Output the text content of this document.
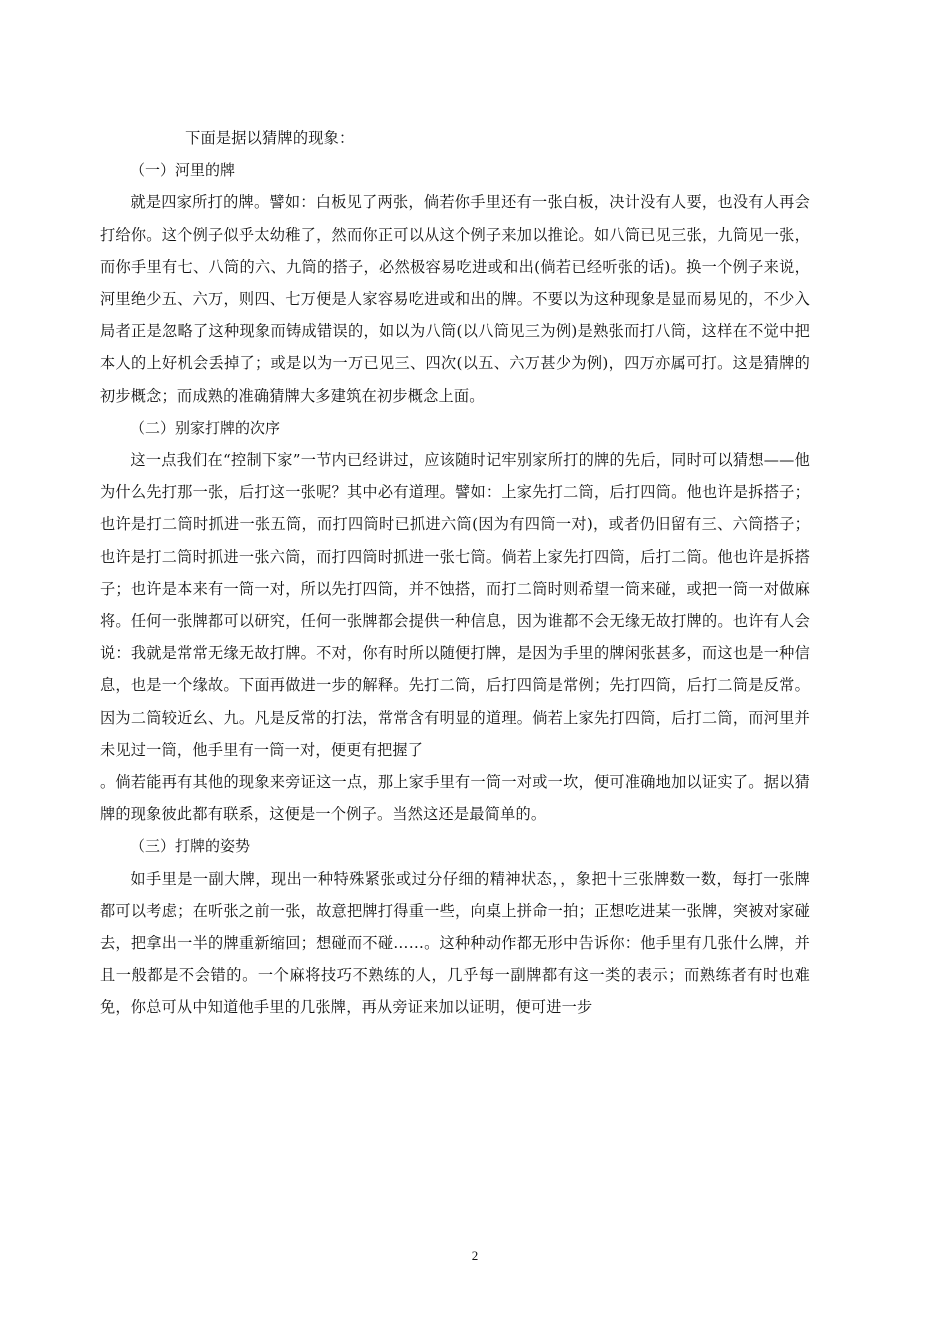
下面是据以猜牌的现象：

（一）河里的牌

就是四家所打的牌。譬如：白板见了两张，倘若你手里还有一张白板，决计没有人要，也没有人再会打给你。这个例子似乎太幼稚了，然而你正可以从这个例子来加以推论。如八筒已见三张，九筒见一张，而你手里有七、八筒的六、九筒的搭子，必然极容易吃进或和出(倘若已经听张的话)。换一个例子来说，河里绝少五、六万，则四、七万便是人家容易吃进或和出的牌。不要以为这种现象是显而易见的，不少入局者正是忽略了这种现象而铸成错误的，如以为八筒(以八筒见三为例)是熟张而打八筒，这样在不觉中把本人的上好机会丢掉了；或是以为一万已见三、四次(以五、六万甚少为例)，四万亦属可打。这是猜牌的初步概念；而成熟的准确猜牌大多建筑在初步概念上面。

（二）别家打牌的次序

这一点我们在“控制下家”一节内已经讲过，应该随时记牢别家所打的牌的先后，同时可以猜想——他为什么先打那一张，后打这一张呢？其中必有道理。譬如：上家先打二筒，后打四筒。他也许是拆搭子；也许是打二筒时抓进一张五筒，而打四筒时已抓进六筒(因为有四筒一对)，或者仍旧留有三、六筒搭子；也许是打二筒时抓进一张六筒，而打四筒时抓进一张七筒。倘若上家先打四筒，后打二筒。他也许是拆搭子；也许是本来有一筒一对，所以先打四筒，并不蚀搭，而打二筒时则希望一筒来碰，或把一筒一对做麻将。任何一张牌都可以研究，任何一张牌都会提供一种信息，因为谁都不会无缘无故打牌的。也许有人会说：我就是常常无缘无故打牌。不对，你有时所以随便打牌，是因为手里的牌闲张甚多，而这也是一种信息，也是一个缘故。下面再做进一步的解释。先打二筒，后打四筒是常例；先打四筒，后打二筒是反常。因为二筒较近幺、九。凡是反常的打法，常常含有明显的道理。倘若上家先打四筒，后打二筒，而河里并未见过一筒，他手里有一筒一对，便更有把握了

。倘若能再有其他的现象来旁证这一点，那上家手里有一筒一对或一坎，便可准确地加以证实了。据以猜牌的现象彼此都有联系，这便是一个例子。当然这还是最简单的。

（三）打牌的姿势

如手里是一副大牌，现出一种特殊紧张或过分仔细的精神状态，，象把十三张牌数一数，每打一张牌都可以考虑；在听张之前一张，故意把牌打得重一些，向桌上拼命一拍；正想吃进某一张牌，突被对家碰去，把拿出一半的牌重新缩回；想碰而不碰……。这种种动作都无形中告诉你：他手里有几张什么牌，并且一般都是不会错的。一个麻将技巧不熟练的人，几乎每一副牌都有这一类的表示；而熟练者有时也难免，你总可从中知道他手里的几张牌，再从旁证来加以证明，便可进一步

2
